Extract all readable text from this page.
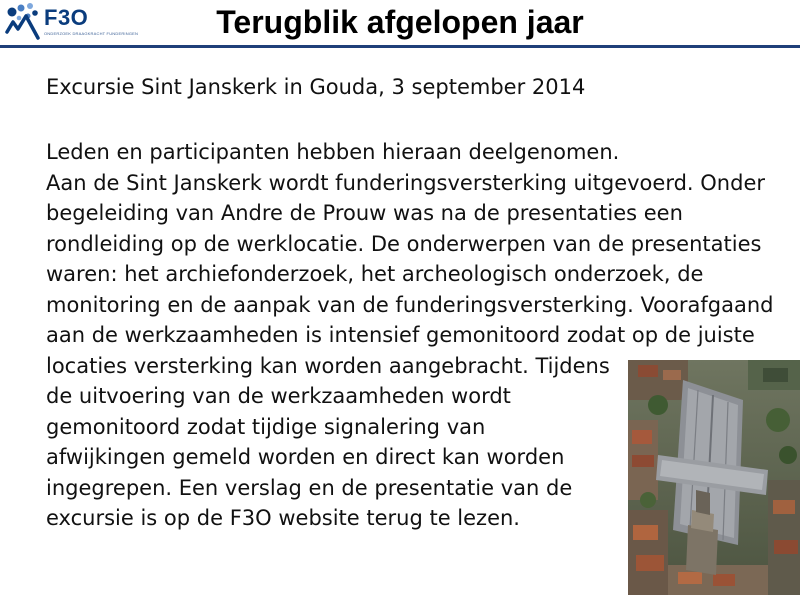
F3O
ONDERZOEK DRAAGKRACHT FUNDERINGEN	Terugblik afgelopen jaar
Excursie Sint Janskerk in Gouda, 3 september 2014
Leden en participanten hebben hieraan deelgenomen.
Aan de Sint Janskerk wordt funderingsversterking uitgevoerd. Onder
begeleiding van Andre de Prouw was na de presentaties een
rondleiding op de werklocatie. De onderwerpen van de presentaties
waren: het archiefonderzoek, het archeologisch onderzoek, de
monitoring en de aanpak van de funderingsversterking. Voorafgaand
aan de werkzaamheden is intensief gemonitoord zodat op de juiste
locaties versterking kan worden aangebracht. Tijdens
de uitvoering van de werkzaamheden wordt
gemonitoord zodat tijdige signalering van
afwijkingen gemeld worden en direct kan worden
ingegrepen. Een verslag en de presentatie van de
excursie is op de F3O website terug te lezen.
